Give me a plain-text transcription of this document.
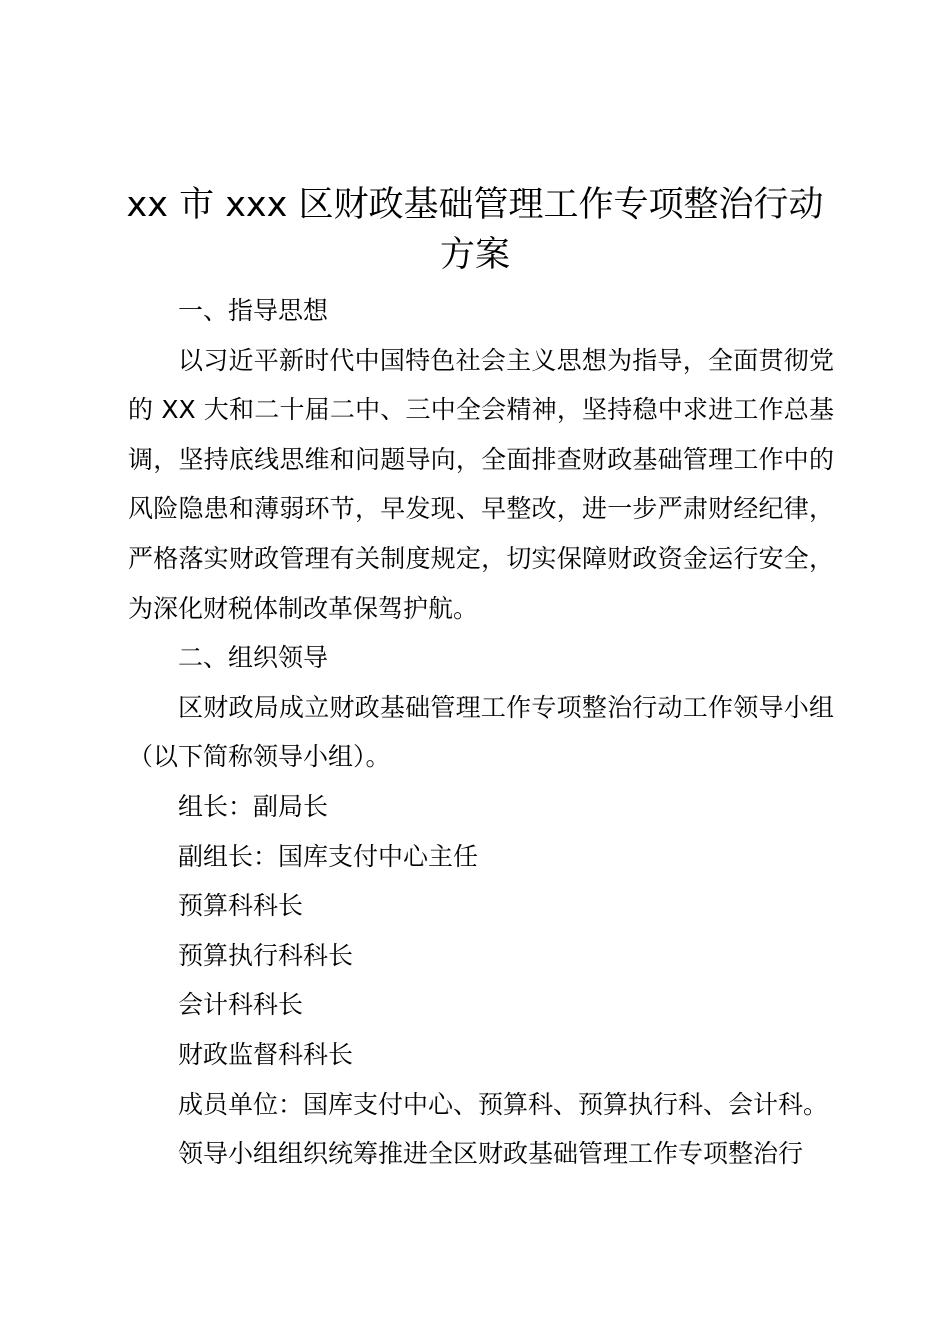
xx 市 xxx 区财政基础管理工作专项整治行动
方案

一、指导思想

以习近平新时代中国特色社会主义思想为指导，全面贯彻党的 XX 大和二十届二中、三中全会精神，坚持稳中求进工作总基调，坚持底线思维和问题导向，全面排查财政基础管理工作中的风险隐患和薄弱环节，早发现、早整改，进一步严肃财经纪律，严格落实财政管理有关制度规定，切实保障财政资金运行安全，为深化财税体制改革保驾护航。

二、组织领导

区财政局成立财政基础管理工作专项整治行动工作领导小组（以下简称领导小组）。

组长：副局长

副组长：国库支付中心主任

预算科科长

预算执行科科长

会计科科长

财政监督科科长

成员单位：国库支付中心、预算科、预算执行科、会计科。

领导小组组织统筹推进全区财政基础管理工作专项整治行
